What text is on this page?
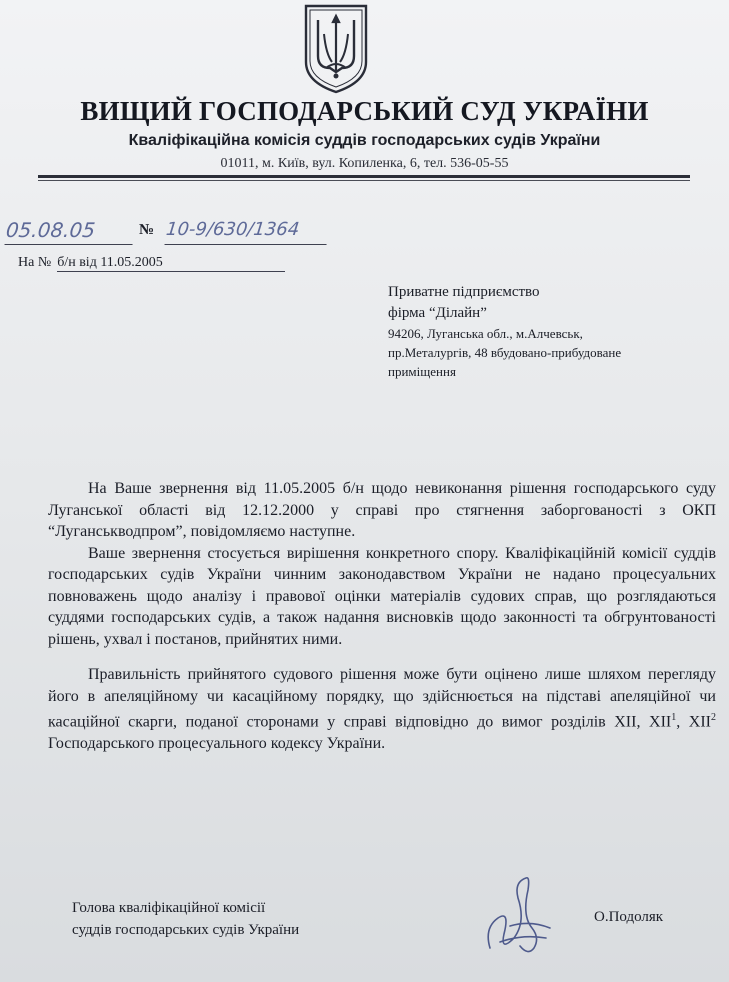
ВИЩИЙ ГОСПОДАРСЬКИЙ СУД УКРАЇНИ
Кваліфікаційна комісія суддів господарських судів України
01011, м. Київ, вул. Копиленка, 6, тел. 536-05-55
05.08.05	№ 10-9/630/1364
На № б/н від 11.05.2005
Приватне підприємство
фірма “Ділайн”
94206, Луганська обл., м.Алчевськ,
пр.Металургів, 48 вбудовано-прибудоване
приміщення

На Ваше звернення від 11.05.2005 б/н щодо невиконання рішення господарського суду Луганської області від 12.12.2000 у справі про стягнення заборгованості з ОКП “Луганськводпром”, повідомляємо наступне.

Ваше звернення стосується вирішення конкретного спору. Кваліфікаційній комісії суддів господарських судів України чинним законодавством України не надано процесуальних повноважень щодо аналізу і правової оцінки матеріалів судових справ, що розглядаються суддями господарських судів, а також надання висновків щодо законності та обгрунтованості рішень, ухвал і постанов, прийнятих ними.

Правильність прийнятого судового рішення може бути оцінено лише шляхом перегляду його в апеляційному чи касаційному порядку, що здійснюється на підставі апеляційної чи касаційної скарги, поданої сторонами у справі відповідно до вимог розділів XII, XII$^1$, XII$^2$ Господарського процесуального кодексу України.

Голова кваліфікаційної комісії
суддів господарських судів України
О.Подоляк
